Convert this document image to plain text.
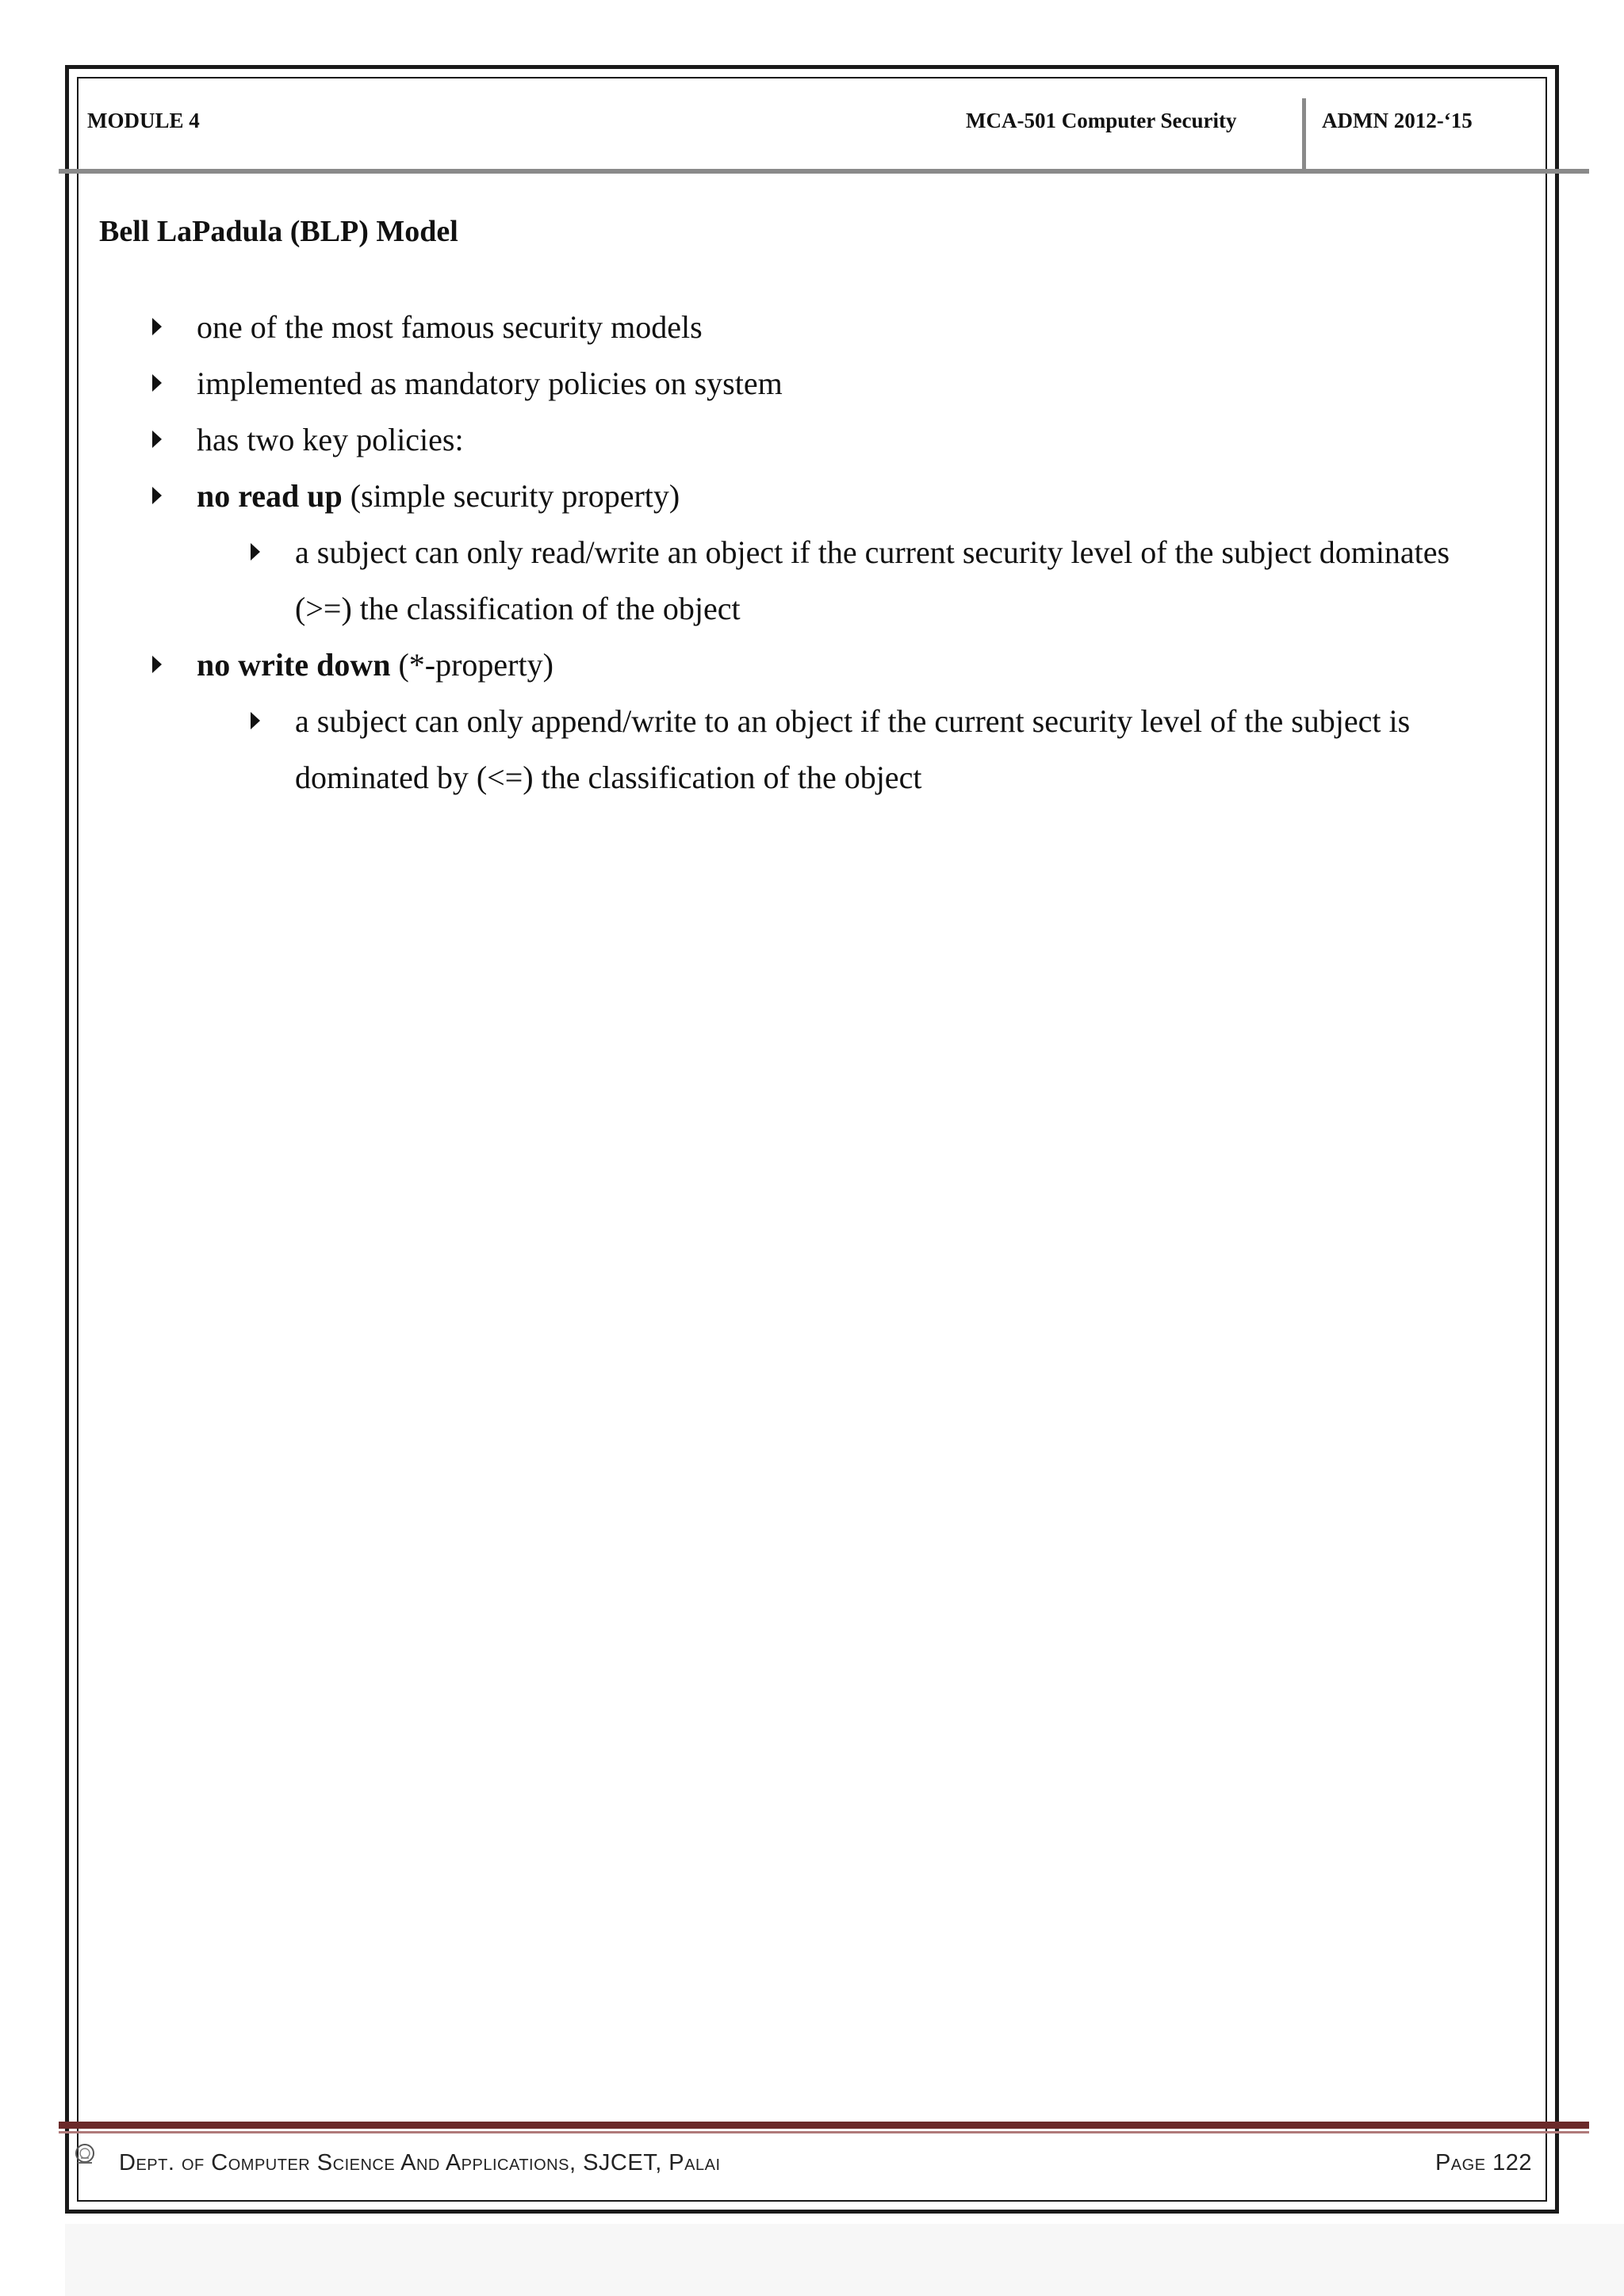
MODULE 4	MCA-501 Computer Security	ADMN 2012-‘15
Bell LaPadula (BLP) Model
one of the most famous security models
implemented as mandatory policies on system
has two key policies:
no read up (simple security property)
a subject can only read/write an object if the current security level of the subject dominates
(>=) the classification of the object
no write down (*-property)
a subject can only append/write to an object if the current security level of the subject is
dominated by (<=) the classification of the object
Dept. of Computer Science And Applications, SJCET, Palai	Page 122
